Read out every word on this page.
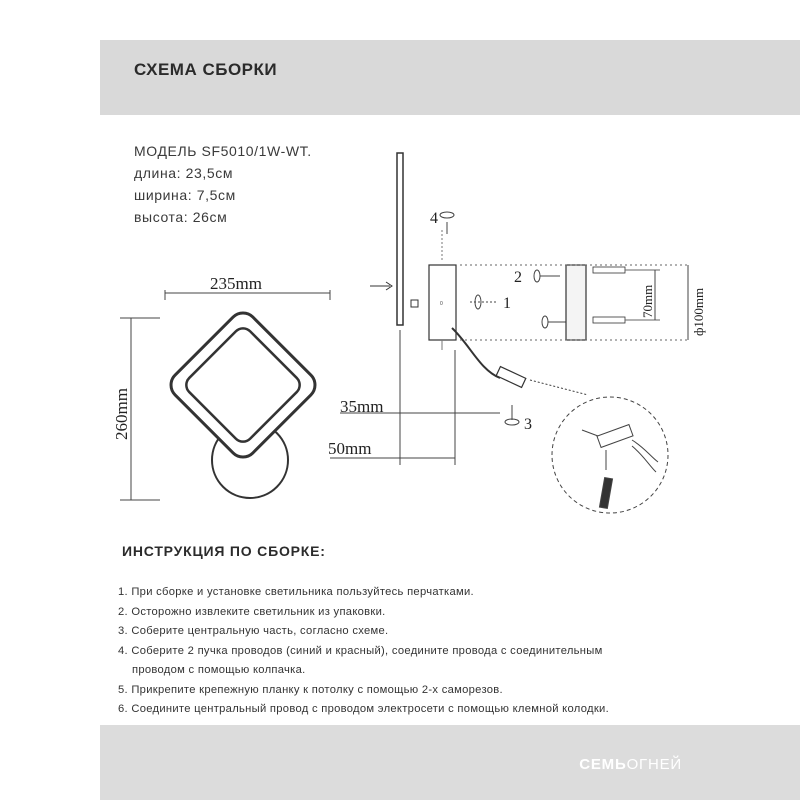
СХЕМА СБОРКИ
МОДЕЛЬ SF5010/1W-WT.
длина: 23,5см
ширина: 7,5см
высота: 26см
235mm
260mm
0
35mm
50mm
4
1
2
3
70mm	ф100mm
ИНСТРУКЦИЯ ПО СБОРКЕ:
1. При сборке и установке светильника пользуйтесь перчатками.
2. Осторожно извлеките светильник из упаковки.
3. Соберите центральную часть, согласно схеме.
4. Соберите 2 пучка проводов (синий и красный), соедините провода с соединительным
проводом с помощью колпачка.
5. Прикрепите крепежную планку к потолку с помощью 2-х саморезов.
6. Соедините центральный провод с проводом электросети с помощью клемной колодки.
СЕМЬОГНЕЙ
